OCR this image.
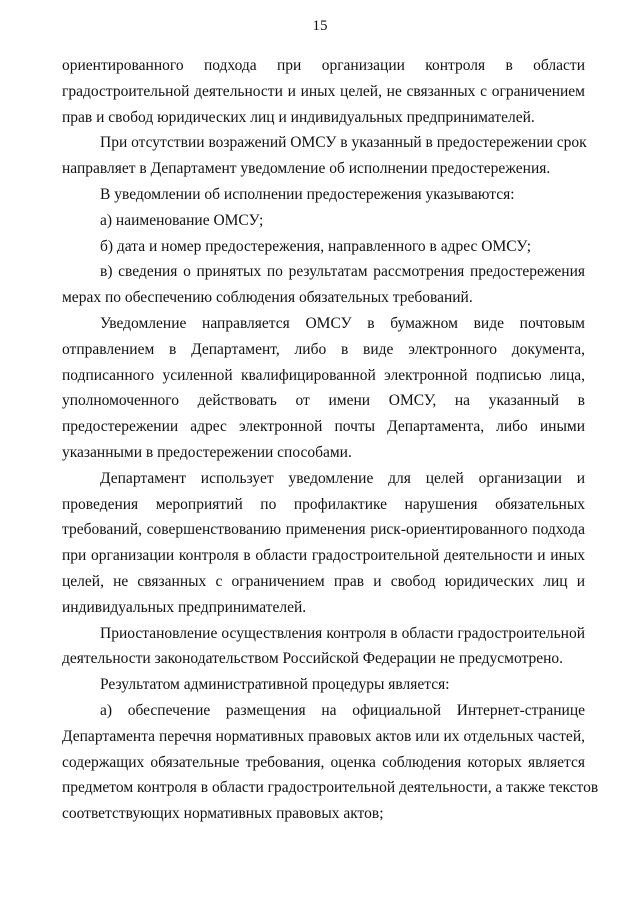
15
ориентированного подхода при организации контроля в области
градостроительной деятельности и иных целей, не связанных с ограничением
прав и свобод юридических лиц и индивидуальных предпринимателей.
При отсутствии возражений ОМСУ в указанный в предостережении срок
направляет в Департамент уведомление об исполнении предостережения.
В уведомлении об исполнении предостережения указываются:
а) наименование ОМСУ;
б) дата и номер предостережения, направленного в адрес ОМСУ;
в) сведения о принятых по результатам рассмотрения предостережения
мерах по обеспечению соблюдения обязательных требований.
Уведомление направляется ОМСУ в бумажном виде почтовым
отправлением в Департамент, либо в виде электронного документа,
подписанного усиленной квалифицированной электронной подписью лица,
уполномоченного действовать от имени ОМСУ, на указанный в
предостережении адрес электронной почты Департамента, либо иными
указанными в предостережении способами.
Департамент использует уведомление для целей организации и
проведения мероприятий по профилактике нарушения обязательных
требований, совершенствованию применения риск-ориентированного подхода
при организации контроля в области градостроительной деятельности и иных
целей, не связанных с ограничением прав и свобод юридических лиц и
индивидуальных предпринимателей.
Приостановление осуществления контроля в области градостроительной
деятельности законодательством Российской Федерации не предусмотрено.
Результатом административной процедуры является:
а) обеспечение размещения на официальной Интернет-странице
Департамента перечня нормативных правовых актов или их отдельных частей,
содержащих обязательные требования, оценка соблюдения которых является
предметом контроля в области градостроительной деятельности, а также текстов
соответствующих нормативных правовых актов;
